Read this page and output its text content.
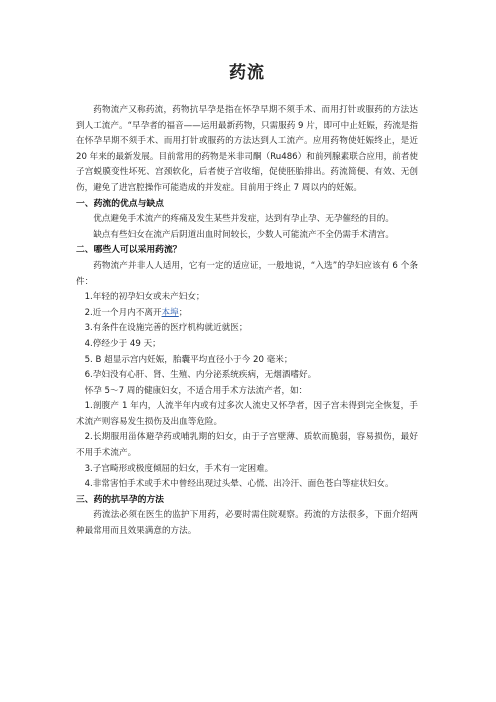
药流

药物流产又称药流，药物抗早孕是指在怀孕早期不须手术、而用打针或服药的方法达到人工流产。“早孕者的福音——运用最新药物，只需服药 9 片，即可中止妊娠，药流是指在怀孕早期不须手术、而用打针或服药的方法达到人工流产。应用药物使妊娠终止，是近 20 年来的最新发展。目前常用的药物是米非司酮（Ru486）和前列腺素联合应用，前者使子宫蜕膜变性坏死、宫颈软化，后者使子宫收缩，促使胚胎排出。药流简便、有效、无创伤，避免了进宫腔操作可能造成的并发症。目前用于终止 7 周以内的妊娠。

一、药流的优点与缺点

优点避免手术流产的疼痛及发生某些并发症，达到有孕止孕、无孕催经的目的。

缺点有些妇女在流产后阴道出血时间较长，少数人可能流产不全仍需手术清宫。

二、哪些人可以采用药流？

药物流产并非人人适用，它有一定的适应证，一般地说，“入选”的孕妇应该有 6 个条件：

1.年轻的初孕妇女或未产妇女；

2.近一个月内不离开本埠；

3.有条件在设施完善的医疗机构就近就医；

4.停经少于 49 天；

5. B 超显示宫内妊娠，胎囊平均直径小于今 20 毫米；

6.孕妇没有心肝、肾、生殖、内分泌系统疾病，无烟酒嗜好。

怀孕 5～7 周的健康妇女，不适合用手术方法流产者，如：

1.剖腹产 1 年内，人流半年内或有过多次人流史又怀孕者，因子宫未得到完全恢复，手术流产则容易发生损伤及出血等危险。

2.长期服用甾体避孕药或哺乳期的妇女，由于子宫壁薄、质软而脆弱，容易损伤，最好不用手术流产。

3.子宫畸形或极度倾屈的妇女，手术有一定困难。

4.非常害怕手术或手术中曾经出现过头晕、心慌、出冷汗、面色苍白等症状妇女。

三、药的抗早孕的方法

药流法必须在医生的监护下用药，必要时需住院观察。药流的方法很多，下面介绍两种最常用而且效果满意的方法。
